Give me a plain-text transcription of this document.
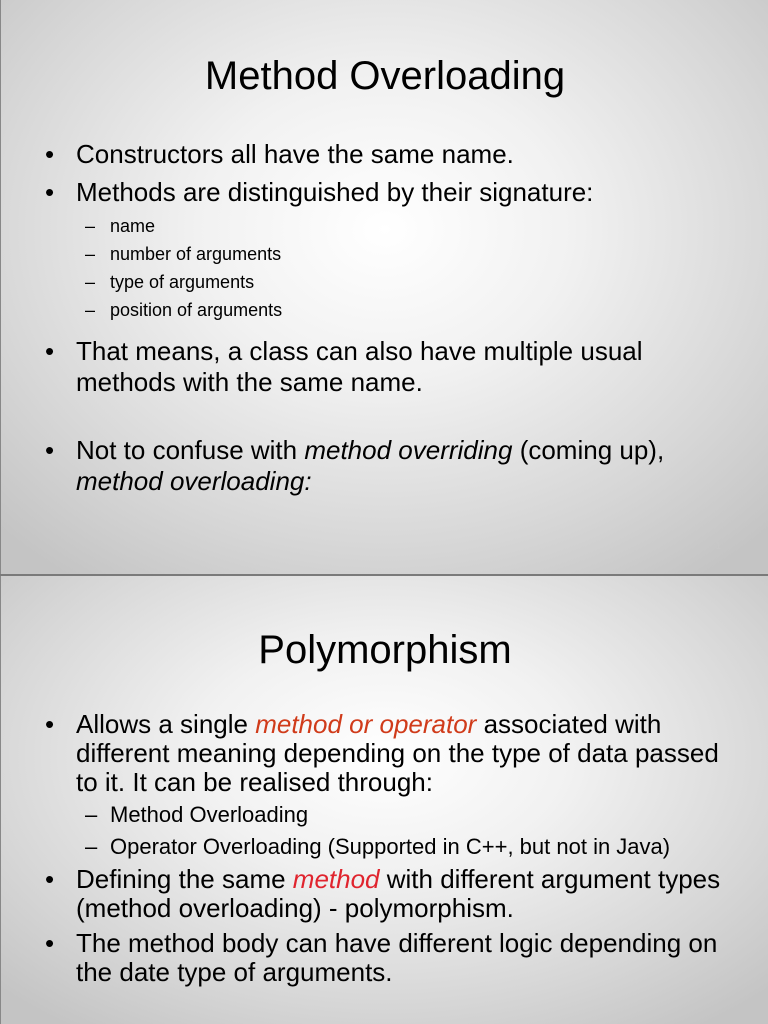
Method Overloading
• Constructors all have the same name.
• Methods are distinguished by their signature:
– name
– number of arguments
– type of arguments
– position of arguments
• That means, a class can also have multiple usual methods with the same name.
• Not to confuse with method overriding (coming up),
method overloading:
1
Polymorphism
• Allows a single method or operator associated with different meaning depending on the type of data passed to it. It can be realised through:
– Method Overloading
– Operator Overloading (Supported in C++, but not in Java)
• Defining the same method with different argument types (method overloading) - polymorphism.
• The method body can have different logic depending on the date type of arguments.
